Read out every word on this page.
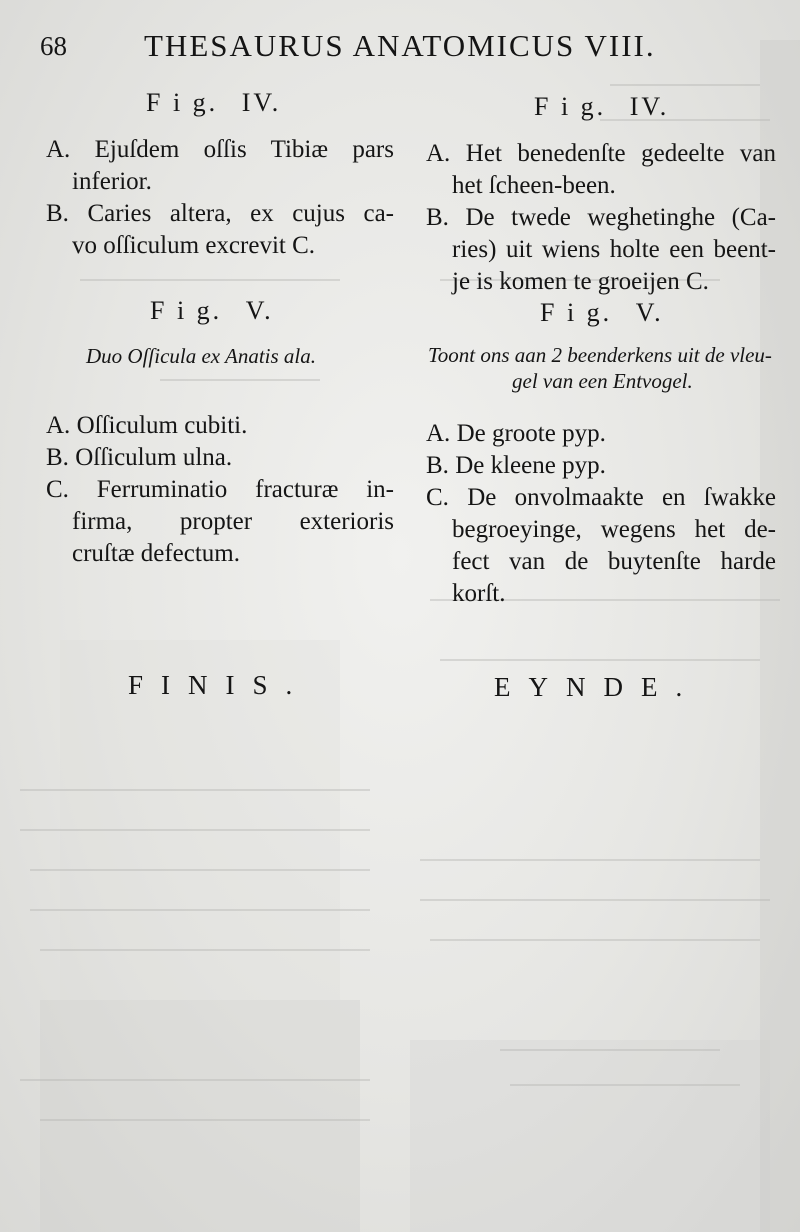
68 THESAURUS ANATOMICUS VIII.
F i g. IV.
A. Ejuſdem oſſis Tibiæ pars
inferior.
B. Caries altera, ex cujus ca-
vo oſſiculum excrevit C.
F i g. V.
Duo Oſſicula ex Anatis ala.
A. Oſſiculum cubiti.
B. Oſſiculum ulna.
C. Ferruminatio fracturæ in-
firma, propter exterioris
cruſtæ defectum.
FINIS.
F i g. IV.
A. Het benedenſte gedeelte van
het ſcheen-been.
B. De twede weghetinghe (Ca-
ries) uit wiens holte een beent-
je is komen te groeijen C.
F i g. V.
Toont ons aan 2 beenderkens uit de vleu-
gel van een Entvogel.
A. De groote pyp.
B. De kleene pyp.
C. De onvolmaakte en ſwakke
begroeyinge, wegens het de-
fect van de buytenſte harde
korſt.
EYNDE.
